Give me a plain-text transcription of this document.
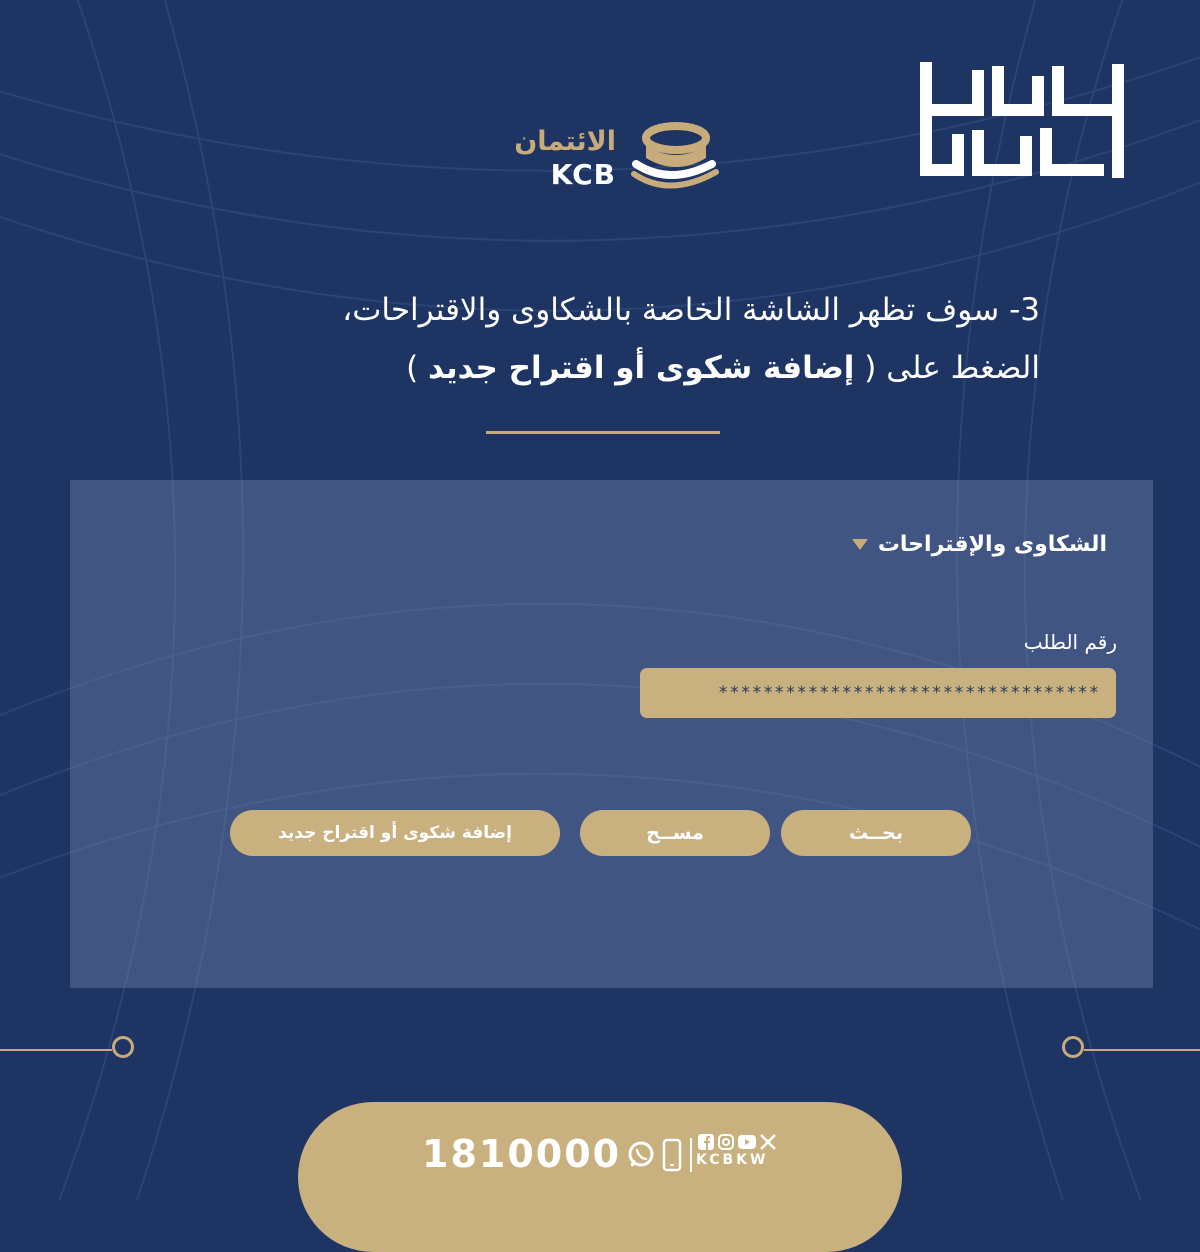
الائتمان
KCB
3- سوف تظهر الشاشة الخاصة بالشكاوى والاقتراحات،
الضغط على ( إضافة شكوى أو اقتراح جديد )
الشكاوى والإقتراحات
رقم الطلب
**********************************
بحــث
مســح
إضافة شكوى أو اقتراح جديد
1810000	KCBKW
